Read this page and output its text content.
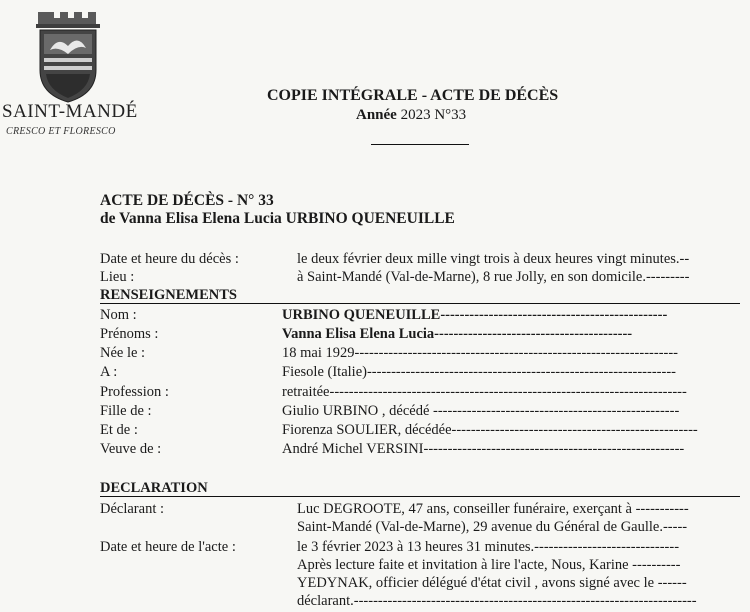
SAINT-MANDÉ
CRESCO ET FLORESCO
COPIE INTÉGRALE - ACTE DE DÉCÈS
Année 2023 N°33
ACTE DE DÉCÈS - N° 33
de Vanna Elisa Elena Lucia URBINO QUENEUILLE
Date et heure du décès :	le deux février deux mille vingt trois à deux heures vingt minutes.--
Lieu :	à Saint-Mandé (Val-de-Marne), 8 rue Jolly, en son domicile.---------
RENSEIGNEMENTS
Nom :	URBINO QUENEUILLE-----------------------------------------------
Prénoms :	Vanna Elisa Elena Lucia-----------------------------------------
Née le :	18 mai 1929-------------------------------------------------------------------
A :	Fiesole (Italie)----------------------------------------------------------------
Profession :	retraitée--------------------------------------------------------------------------
Fille de :	Giulio URBINO , décédé ---------------------------------------------------
Et de :	Fiorenza SOULIER, décédée---------------------------------------------------
Veuve de :	André Michel VERSINI------------------------------------------------------
DECLARATION
Déclarant :	Luc DEGROOTE, 47 ans, conseiller funéraire, exerçant à -----------
Saint-Mandé (Val-de-Marne), 29 avenue du Général de Gaulle.-----
Date et heure de l'acte :	le 3 février 2023 à 13 heures 31 minutes.------------------------------
Après lecture faite et invitation à lire l'acte, Nous, Karine ----------
YEDYNAK, officier délégué d'état civil , avons signé avec le ------
déclarant.-----------------------------------------------------------------------
